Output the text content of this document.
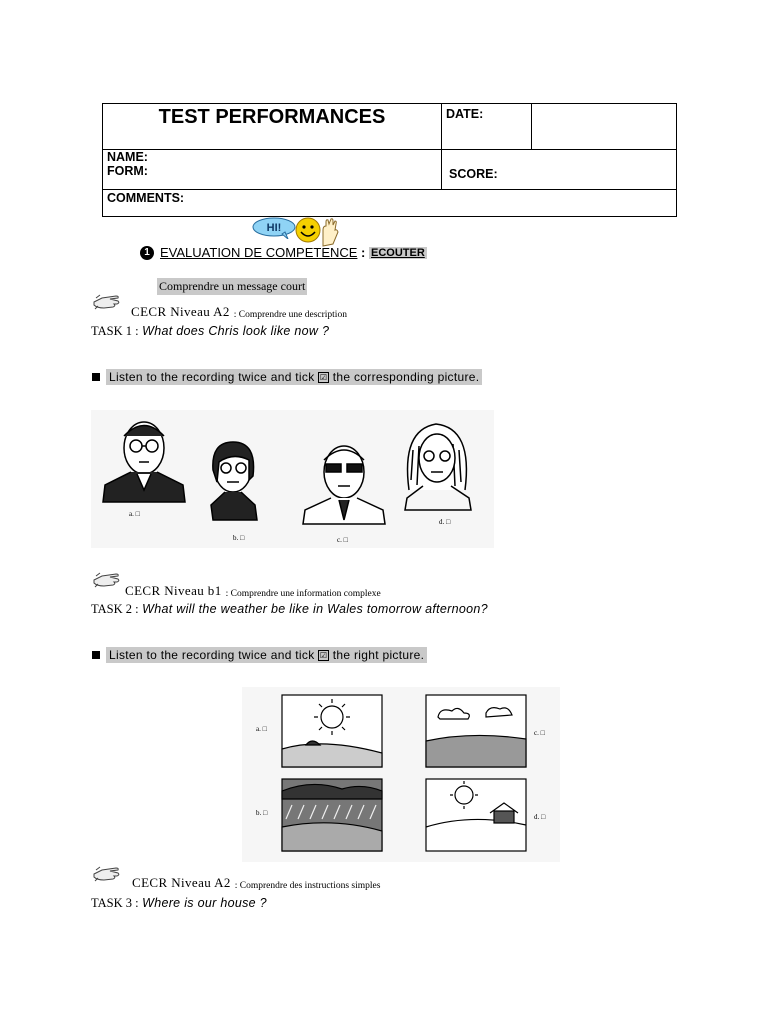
TEST PERFORMANCES	DATE:
NAME:
FORM:	SCORE:
COMMENTS:
HI!
1 EVALUATION DE COMPETENCE : ECOUTER
Comprendre un message court
CECR Niveau A2 : Comprendre une description
TASK 1 : What does Chris look like now ?
Listen to the recording twice and tick ☑ the corresponding picture.
a. □
b. □	c. □
d. □
CECR Niveau b1 : Comprendre une information complexe
TASK 2 : What will the weather be like in Wales tomorrow afternoon?
Listen to the recording twice and tick ☑ the right picture.
a. □	c. □
b. □	d. □
CECR Niveau A2 : Comprendre des instructions simples
TASK 3 : Where is our house ?
